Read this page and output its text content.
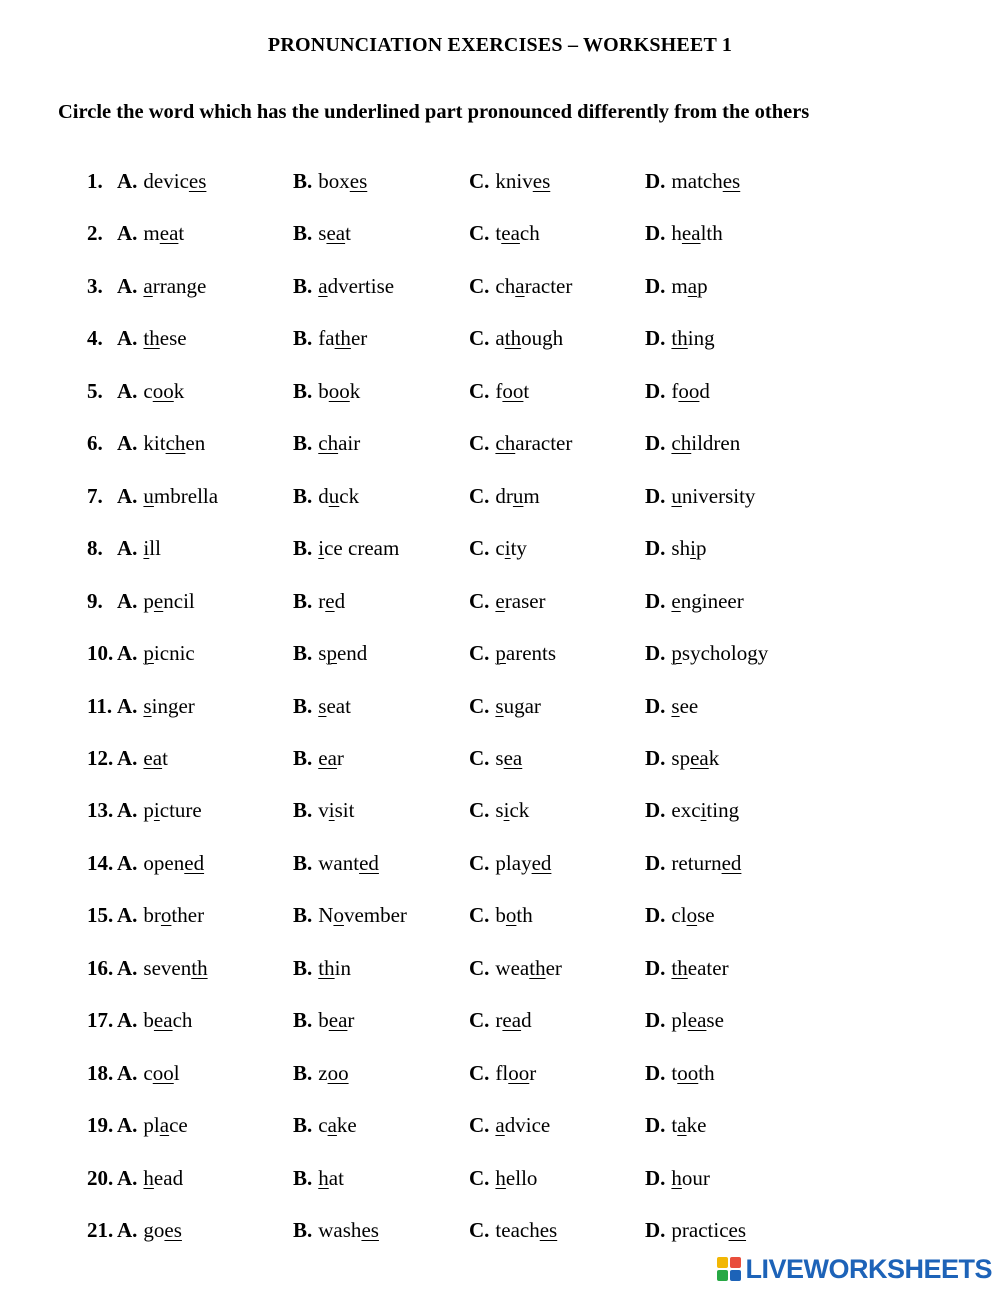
PRONUNCIATION EXERCISES – WORKSHEET 1
Circle the word which has the underlined part pronounced differently from the others
1. A. devices	B. boxes	C. knives	D. matches
2. A. meat	B. seat	C. teach	D. health
3. A. arrange	B. advertise	C. character	D. map
4. A. these	B. father	C. athough	D. thing
5. A. cook	B. book	C. foot	D. food
6. A. kitchen	B. chair	C. character	D. children
7. A. umbrella	B. duck	C. drum	D. university
8. A. ill	B. ice cream	C. city	D. ship
9. A. pencil	B. red	C. eraser	D. engineer
10. A. picnic	B. spend	C. parents	D. psychology
11. A. singer	B. seat	C. sugar	D. see
12. A. eat	B. ear	C. sea	D. speak
13. A. picture	B. visit	C. sick	D. exciting
14. A. opened	B. wanted	C. played	D. returned
15. A. brother	B. November	C. both	D. close
16. A. seventh	B. thin	C. weather	D. theater
17. A. beach	B. bear	C. read	D. please
18. A. cool	B. zoo	C. floor	D. tooth
19. A. place	B. cake	C. advice	D. take
20. A. head	B. hat	C. hello	D. hour
21. A. goes	B. washes	C. teaches	D. practices
LIVEWORKSHEETS
